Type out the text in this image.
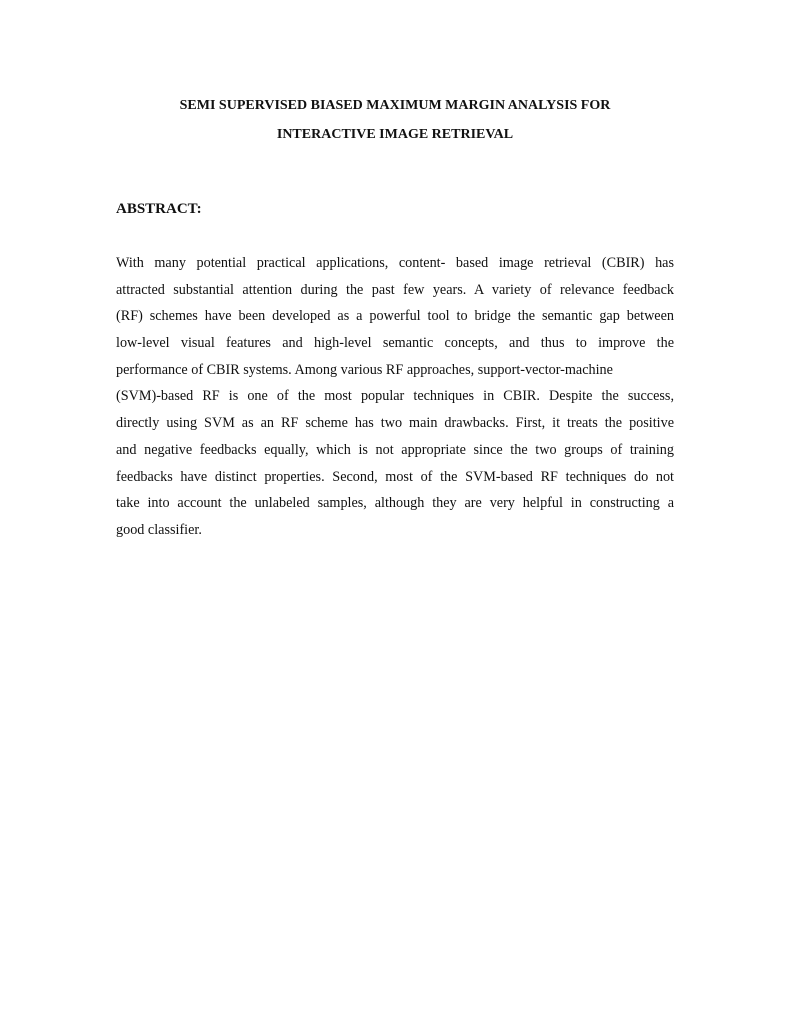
SEMI SUPERVISED BIASED MAXIMUM MARGIN ANALYSIS FOR
INTERACTIVE IMAGE RETRIEVAL
ABSTRACT:

With many potential practical applications, content- based image retrieval (CBIR) has
attracted substantial attention during the past few years. A variety of relevance feedback
(RF) schemes have been developed as a powerful tool to bridge the semantic gap between
low-level visual features and high-level semantic concepts, and thus to improve the
performance of CBIR systems. Among various RF approaches, support-vector-machine
(SVM)-based RF is one of the most popular techniques in CBIR. Despite the success,
directly using SVM as an RF scheme has two main drawbacks. First, it treats the positive
and negative feedbacks equally, which is not appropriate since the two groups of training
feedbacks have distinct properties. Second, most of the SVM-based RF techniques do not
take into account the unlabeled samples, although they are very helpful in constructing a
good classifier.
